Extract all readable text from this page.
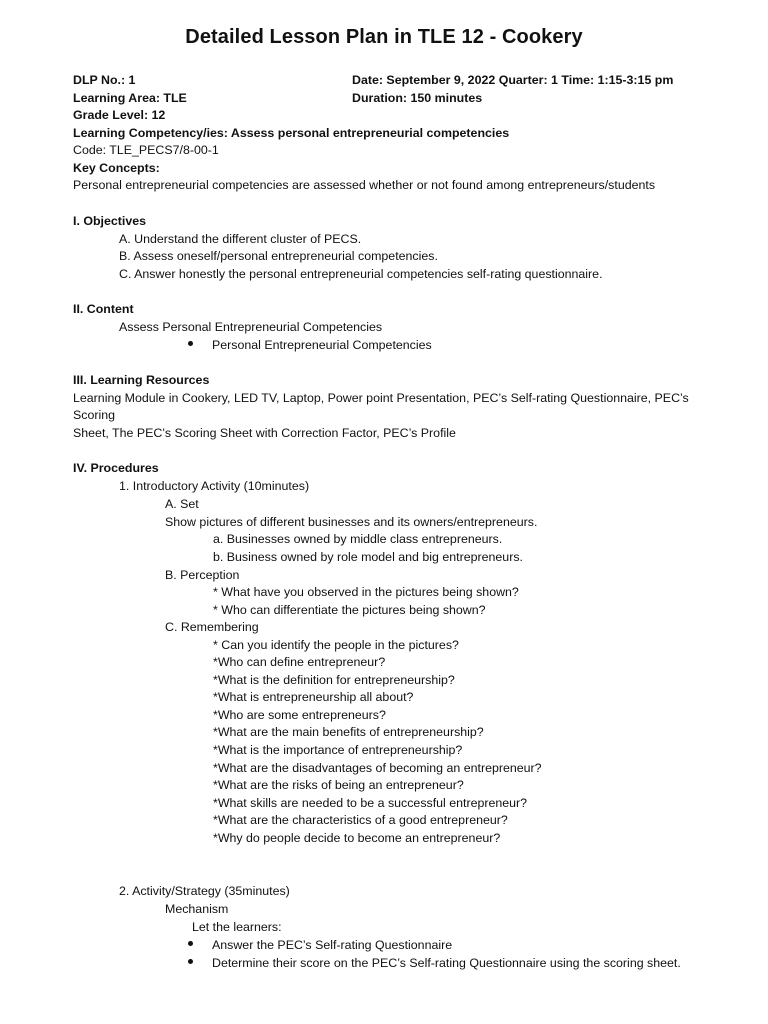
Detailed Lesson Plan in TLE 12 - Cookery
DLP No.: 1	Date: September 9, 2022 Quarter: 1 Time: 1:15-3:15 pm
Learning Area: TLE	Duration: 150 minutes
Grade Level: 12
Learning Competency/ies: Assess personal entrepreneurial competencies
Code: TLE_PECS7/8-00-1
Key Concepts:
Personal entrepreneurial competencies are assessed whether or not found among entrepreneurs/students
I. Objectives
A. Understand the different cluster of PECS.
B. Assess oneself/personal entrepreneurial competencies.
C. Answer honestly the personal entrepreneurial competencies self-rating questionnaire.
II. Content
Assess Personal Entrepreneurial Competencies
Personal Entrepreneurial Competencies
III. Learning Resources
Learning Module in Cookery, LED TV, Laptop, Power point Presentation, PEC’s Self-rating Questionnaire, PEC’s
Scoring
Sheet, The PEC’s Scoring Sheet with Correction Factor, PEC’s Profile
IV. Procedures
1. Introductory Activity (10minutes)
A. Set
Show pictures of different businesses and its owners/entrepreneurs.
a. Businesses owned by middle class entrepreneurs.
b. Business owned by role model and big entrepreneurs.
B. Perception
* What have you observed in the pictures being shown?
* Who can differentiate the pictures being shown?
C. Remembering
* Can you identify the people in the pictures?
*Who can define entrepreneur?
*What is the definition for entrepreneurship?
*What is entrepreneurship all about?
*Who are some entrepreneurs?
*What are the main benefits of entrepreneurship?
*What is the importance of entrepreneurship?
*What are the disadvantages of becoming an entrepreneur?
*What are the risks of being an entrepreneur?
*What skills are needed to be a successful entrepreneur?
*What are the characteristics of a good entrepreneur?
*Why do people decide to become an entrepreneur?
2. Activity/Strategy (35minutes)
Mechanism
Let the learners:
Answer the PEC’s Self-rating Questionnaire
Determine their score on the PEC’s Self-rating Questionnaire using the scoring sheet.
